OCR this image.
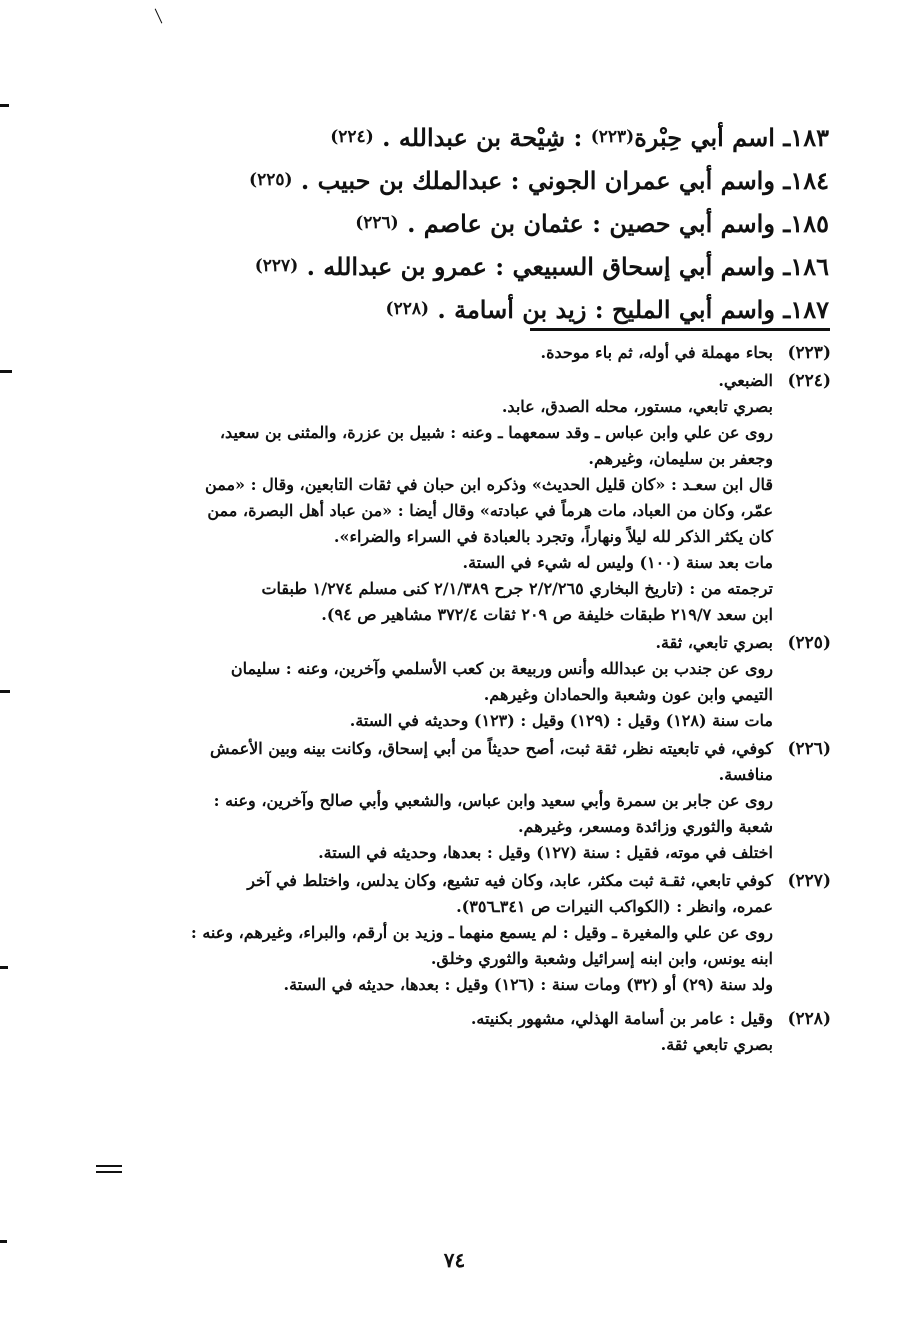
١٨٣ـ اسم أبي حِبْرة(٢٢٣) : شِيْحة بن عبدالله . (٢٢٤)
١٨٤ـ واسم أبي عمران الجوني : عبدالملك بن حبيب . (٢٢٥)
١٨٥ـ واسم أبي حصين : عثمان بن عاصم . (٢٢٦)
١٨٦ـ واسم أبي إسحاق السبيعي : عمرو بن عبدالله . (٢٢٧)
١٨٧ـ واسم أبي المليح : زيد بن أسامة . (٢٢٨)
(٢٢٣)
بحاء مهملة في أوله، ثم باء موحدة.
(٢٢٤)
الضبعي.
بصري تابعي، مستور، محله الصدق، عابد.
روى عن علي وابن عباس ـ وقد سمعهما ـ وعنه : شبيل بن عزرة، والمثنى بن سعيد،
وجعفر بن سليمان، وغيرهم.
قال ابن سعـد : «كان قليل الحديث» وذكره ابن حبان في ثقات التابعين، وقال : «ممن
عمّر، وكان من العباد، مات هرماً في عبادته» وقال أيضا : «من عباد أهل البصرة، ممن
كان يكثر الذكر لله ليلاً ونهاراً، وتجرد بالعبادة في السراء والضراء».
مات بعد سنة (١٠٠) وليس له شيء في الستة.
ترجمته من : (تاريخ البخاري ٢/٢/٢٦٥ جرح ٢/١/٣٨٩ كنى مسلم ١/٢٧٤ طبقات
ابن سعد ٢١٩/٧ طبقات خليفة ص ٢٠٩ ثقات ٣٧٢/٤ مشاهير ص ٩٤).
(٢٢٥)
بصري تابعي، ثقة.
روى عن جندب بن عبدالله وأنس وربيعة بن كعب الأسلمي وآخرين، وعنه : سليمان
التيمي وابن عون وشعبة والحمادان وغيرهم.
مات سنة (١٢٨) وقيل : (١٢٩) وقيل : (١٢٣) وحديثه في الستة.
(٢٢٦)
كوفي، في تابعيته نظر، ثقة ثبت، أصح حديثاً من أبي إسحاق، وكانت بينه وبين الأعمش
منافسة.
روى عن جابر بن سمرة وأبي سعيد وابن عباس، والشعبي وأبي صالح وآخرين، وعنه :
شعبة والثوري وزائدة ومسعر، وغيرهم.
اختلف في موته، فقيل : سنة (١٢٧) وقيل : بعدها، وحديثه في الستة.
(٢٢٧)
كوفي تابعي، ثقـة ثبت مكثر، عابد، وكان فيه تشيع، وكان يدلس، واختلط في آخر
عمره، وانظر : (الكواكب النيرات ص ٣٤١ـ٣٥٦).
روى عن علي والمغيرة ـ وقيل : لم يسمع منهما ـ وزيد بن أرقم، والبراء، وغيرهم، وعنه :
ابنه يونس، وابن ابنه إسرائيل وشعبة والثوري وخلق.
ولد سنة (٢٩) أو (٣٢) ومات سنة : (١٢٦) وقيل : بعدها، حديثه في الستة.
(٢٢٨)
وقيل : عامر بن أسامة الهذلي، مشهور بكنيته.
بصري تابعي ثقة.
٧٤
